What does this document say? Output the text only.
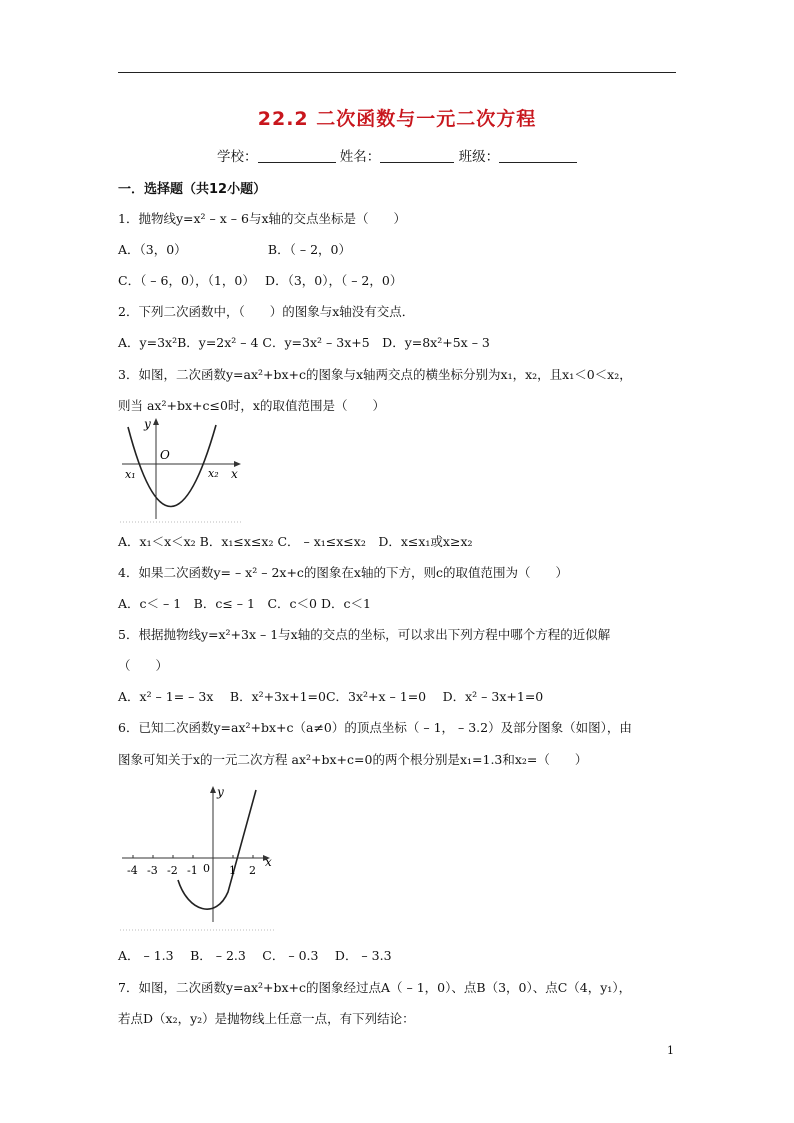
22.2 二次函数与一元二次方程
学校：	姓名：	班级：
一．选择题（共12小题）
1．抛物线y=x² – x – 6与x轴的交点坐标是（　　）
A．（3，0）　　　　　　　B．（ – 2，0）
C．（ – 6，0），（1，0）　 D．（3，0），（ – 2，0）
2．下列二次函数中，（　　）的图象与x轴没有交点．
A．y=3x²B．y=2x² – 4 C．y=3x² – 3x+5　D．y=8x²+5x – 3
3．如图，二次函数y=ax²+bx+c的图象与x轴两交点的横坐标分别为x₁，x₂，且x₁＜0＜x₂，
则当 ax²+bx+c≤0时，x的取值范围是（　　）
y
x
O
x₁	x₂
A．x₁＜x＜x₂ B．x₁≤x≤x₂ C． – x₁≤x≤x₂　D．x≤x₁或x≥x₂
4．如果二次函数y= – x² – 2x+c的图象在x轴的下方，则c的取值范围为（　　）
A．c＜ – 1　B．c≤ – 1　C．c＜0 D．c＜1
5．根据抛物线y=x²+3x – 1与x轴的交点的坐标，可以求出下列方程中哪个方程的近似解
（　　）
A．x² – 1= – 3x　 B．x²+3x+1=0C．3x²+x – 1=0　 D．x² – 3x+1=0
6．已知二次函数y=ax²+bx+c（a≠0）的顶点坐标（ – 1， – 3.2）及部分图象（如图），由
图象可知关于x的一元二次方程 ax²+bx+c=0的两个根分别是x₁=1.3和x₂=（　　）
y
x
-4 -3 -2 -1 0 1 2
A． – 1.3　 B． – 2.3　 C． – 0.3　 D． – 3.3
7．如图，二次函数y=ax²+bx+c的图象经过点A（ – 1，0）、点B（3，0）、点C（4，y₁），
若点D（x₂，y₂）是抛物线上任意一点，有下列结论：
1
